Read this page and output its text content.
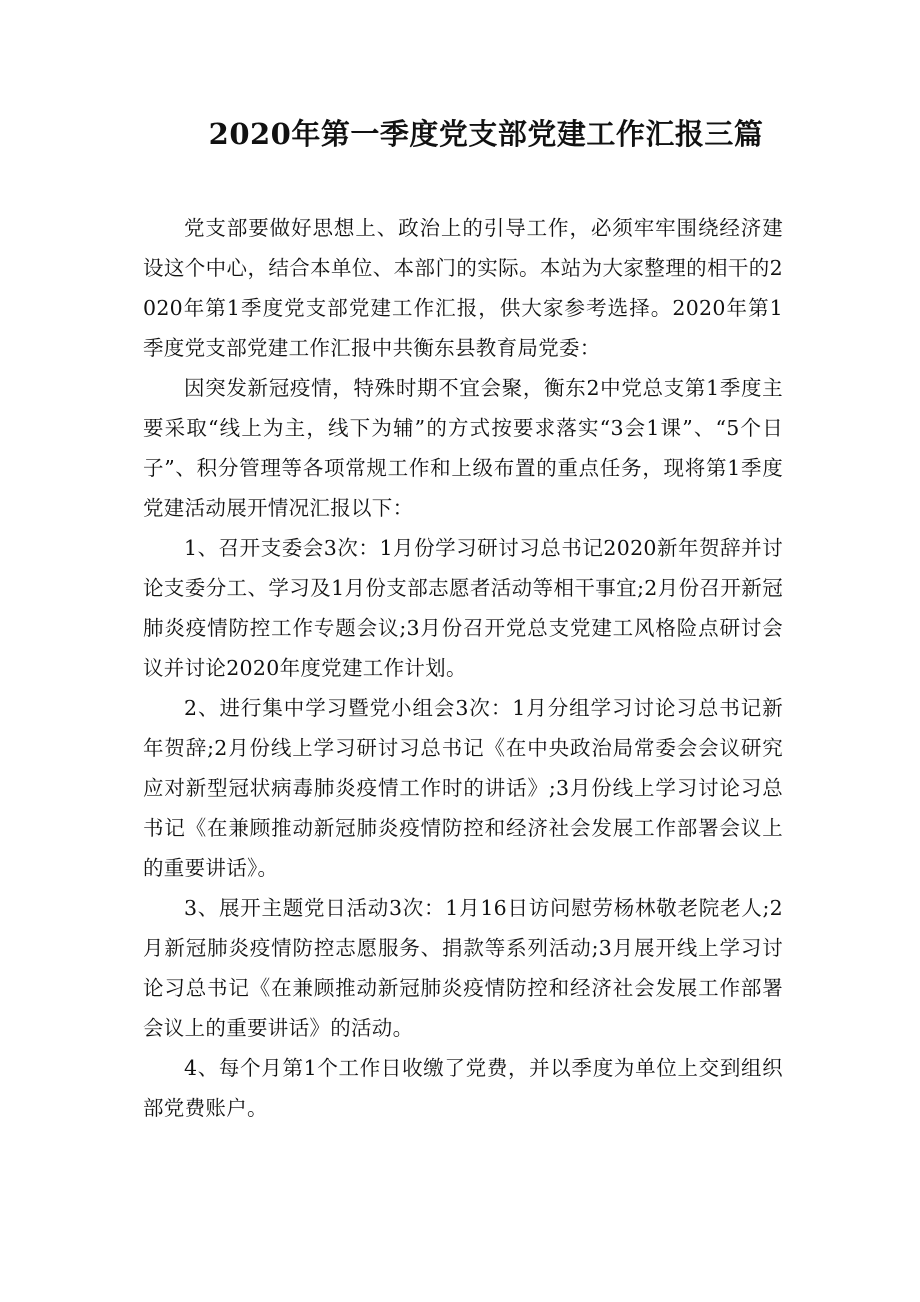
2020年第一季度党支部党建工作汇报三篇

党支部要做好思想上、政治上的引导工作，必须牢牢围绕经济建设这个中心，结合本单位、本部门的实际。本站为大家整理的相干的2020年第1季度党支部党建工作汇报，供大家参考选择。2020年第1季度党支部党建工作汇报中共衡东县教育局党委：

因突发新冠疫情，特殊时期不宜会聚，衡东2中党总支第1季度主要采取“线上为主，线下为辅”的方式按要求落实“3会1课”、“5个日子”、积分管理等各项常规工作和上级布置的重点任务，现将第1季度党建活动展开情况汇报以下：

1、召开支委会3次：1月份学习研讨习总书记2020新年贺辞并讨论支委分工、学习及1月份支部志愿者活动等相干事宜;2月份召开新冠肺炎疫情防控工作专题会议;3月份召开党总支党建工风格险点研讨会议并讨论2020年度党建工作计划。

2、进行集中学习暨党小组会3次：1月分组学习讨论习总书记新年贺辞;2月份线上学习研讨习总书记《在中央政治局常委会会议研究应对新型冠状病毒肺炎疫情工作时的讲话》;3月份线上学习讨论习总书记《在兼顾推动新冠肺炎疫情防控和经济社会发展工作部署会议上的重要讲话》。

3、展开主题党日活动3次：1月16日访问慰劳杨林敬老院老人;2月新冠肺炎疫情防控志愿服务、捐款等系列活动;3月展开线上学习讨论习总书记《在兼顾推动新冠肺炎疫情防控和经济社会发展工作部署会议上的重要讲话》的活动。

4、每个月第1个工作日收缴了党费，并以季度为单位上交到组织部党费账户。
